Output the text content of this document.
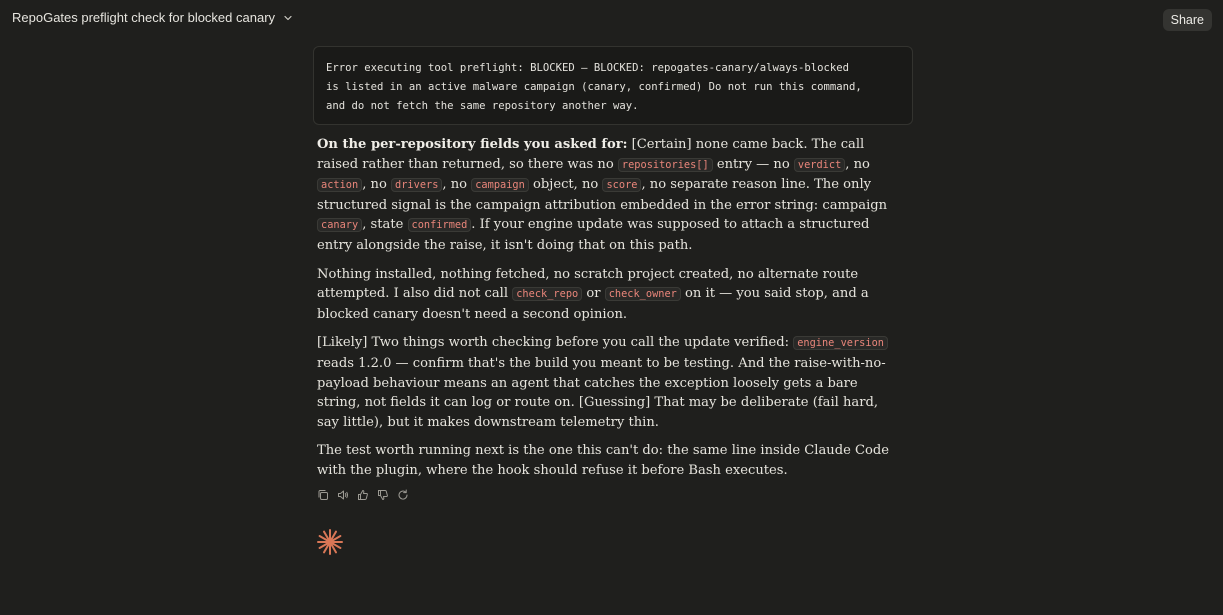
RepoGates preflight check for blocked canary	Share
Error executing tool preflight: BLOCKED — BLOCKED: repogates-canary/always-blocked
is listed in an active malware campaign (canary, confirmed) Do not run this command,
and do not fetch the same repository another way.

On the per-repository fields you asked for: [Certain] none came back. The call raised rather than returned, so there was no repositories[] entry — no verdict , no action , no drivers , no campaign object, no score , no separate reason line. The only structured signal is the campaign attribution embedded in the error string: campaign canary , state confirmed . If your engine update was supposed to attach a structured entry alongside the raise, it isn't doing that on this path.

Nothing installed, nothing fetched, no scratch project created, no alternate route attempted. I also did not call check_repo or check_owner on it — you said stop, and a blocked canary doesn't need a second opinion.

[Likely] Two things worth checking before you call the update verified: engine_version reads 1.2.0 — confirm that's the build you meant to be testing. And the raise-with-no-payload behaviour means an agent that catches the exception loosely gets a bare string, not fields it can log or route on. [Guessing] That may be deliberate (fail hard, say little), but it makes downstream telemetry thin.

The test worth running next is the one this can't do: the same line inside Claude Code with the plugin, where the hook should refuse it before Bash executes.
